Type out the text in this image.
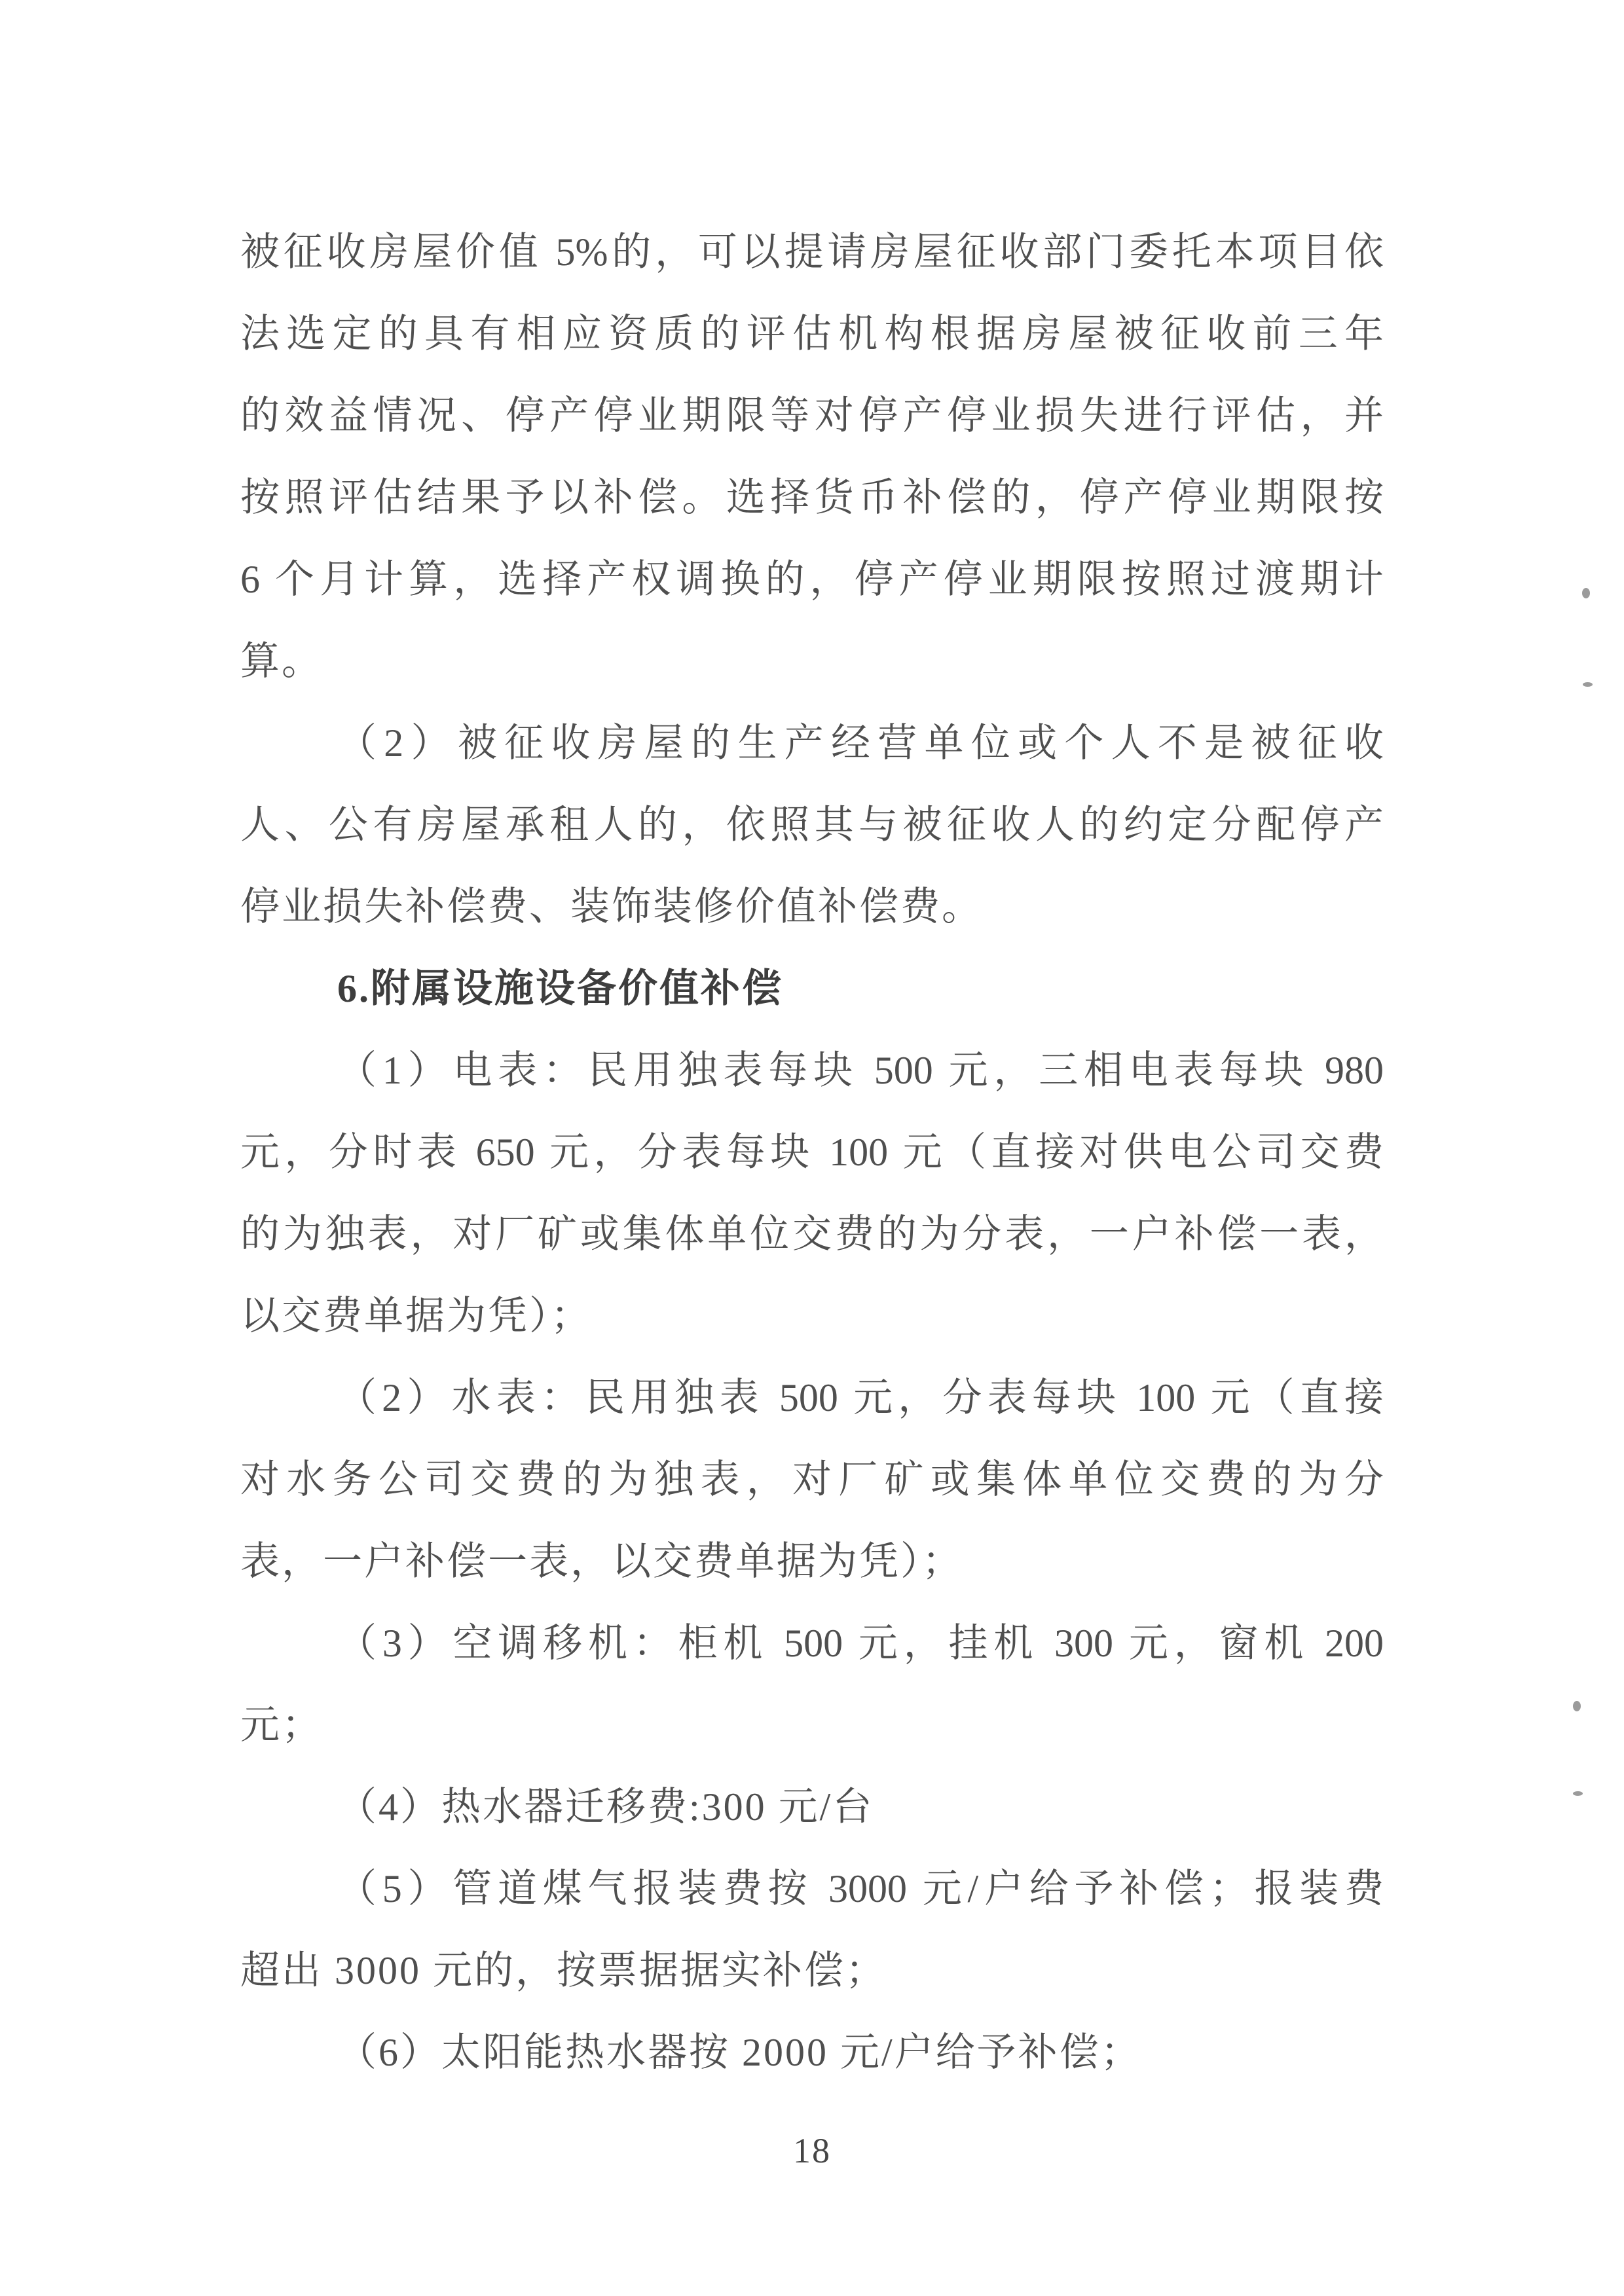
被征收房屋价值 5%的，可以提请房屋征收部门委托本项目依
法选定的具有相应资质的评估机构根据房屋被征收前三年
的效益情况、停产停业期限等对停产停业损失进行评估，并
按照评估结果予以补偿。选择货币补偿的，停产停业期限按
6 个月计算，选择产权调换的，停产停业期限按照过渡期计
算。
（2）被征收房屋的生产经营单位或个人不是被征收
人、公有房屋承租人的，依照其与被征收人的约定分配停产
停业损失补偿费、装饰装修价值补偿费。
6.附属设施设备价值补偿
（1）电表：民用独表每块 500 元，三相电表每块 980
元，分时表 650 元，分表每块 100 元（直接对供电公司交费
的为独表，对厂矿或集体单位交费的为分表，一户补偿一表，
以交费单据为凭）；
（2）水表：民用独表 500 元，分表每块 100 元（直接
对水务公司交费的为独表，对厂矿或集体单位交费的为分
表，一户补偿一表，以交费单据为凭）；
（3）空调移机：柜机 500 元，挂机 300 元，窗机 200
元；
（4）热水器迁移费:300 元/台
（5）管道煤气报装费按 3000 元/户给予补偿；报装费
超出 3000 元的，按票据据实补偿；
（6）太阳能热水器按 2000 元/户给予补偿；
18
